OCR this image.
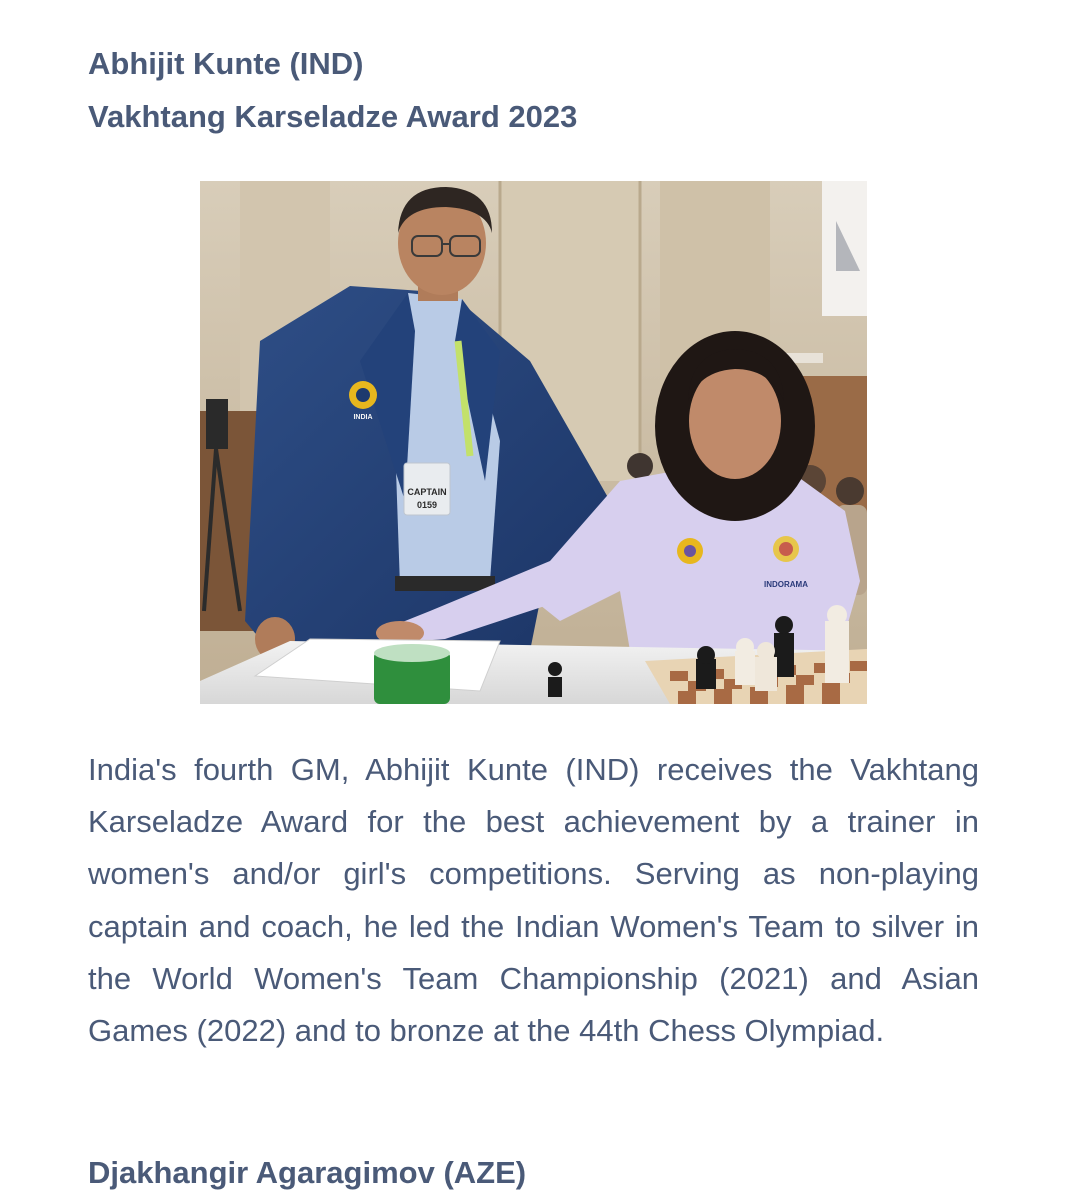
Abhijit Kunte (IND)
Vakhtang Karseladze Award 2023
INDIA
CAPTAIN
0159
INDORAMA

India's fourth GM, Abhijit Kunte (IND) receives the Vakhtang Karseladze Award for the best achievement by a trainer in women's and/or girl's competitions. Serving as non-playing captain and coach, he led the Indian Women's Team to silver in the World Women's Team Championship (2021) and Asian Games (2022) and to bronze at the 44th Chess Olympiad.

Djakhangir Agaragimov (AZE)
